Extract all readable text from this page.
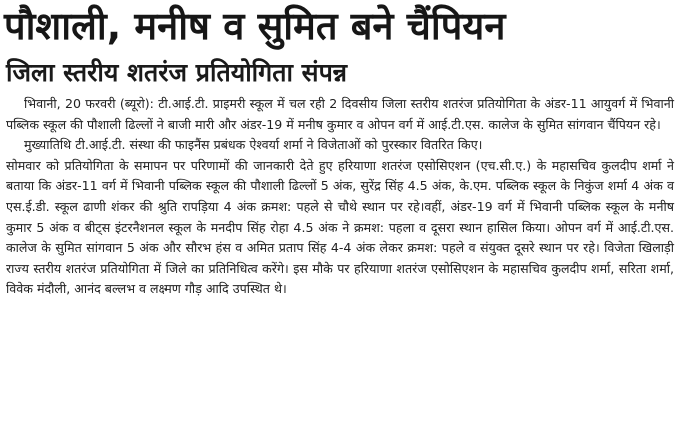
पौशाली, मनीष व सुमित बने चैंपियन
जिला स्तरीय शतरंज प्रतियोगिता संपन्न

भिवानी, 20 फरवरी (ब्यूरो): टी.आई.टी. प्राइमरी स्कूल में चल रही 2 दिवसीय जिला स्तरीय शतरंज प्रतियोगिता के अंडर-11 आयुवर्ग में भिवानी पब्लिक स्कूल की पौशाली ढिल्लों ने बाजी मारी और अंडर-19 में मनीष कुमार व ओपन वर्ग में आई.टी.एस. कालेज के सुमित सांगवान चैंपियन रहे।

मुख्यातिथि टी.आई.टी. संस्था की फाइनैंस प्रबंधक ऐश्वर्या शर्मा ने विजेताओं को पुरस्कार वितरित किए।

सोमवार को प्रतियोगिता के समापन पर परिणामों की जानकारी देते हुए हरियाणा शतरंज एसोसिएशन (एच.सी.ए.) के महासचिव कुलदीप शर्मा ने बताया कि अंडर-11 वर्ग में भिवानी पब्लिक स्कूल की पौशाली ढिल्लों 5 अंक, सुरेंद्र सिंह 4.5 अंक, के.एम. पब्लिक स्कूल के निकुंज शर्मा 4 अंक व एस.ई.डी. स्कूल ढाणी शंकर की श्रुति रापड़िया 4 अंक क्रमश: पहले से चौथे स्थान पर रहे।वहीं, अंडर-19 वर्ग में भिवानी पब्लिक स्कूल के मनीष कुमार 5 अंक व बीट्स इंटरनैशनल स्कूल के मनदीप सिंह रोहा 4.5 अंक ने क्रमश: पहला व दूसरा स्थान हासिल किया। ओपन वर्ग में आई.टी.एस. कालेज के सुमित सांगवान 5 अंक और सौरभ हंस व अमित प्रताप सिंह 4-4 अंक लेकर क्रमश: पहले व संयुक्त दूसरे स्थान पर रहे। विजेता खिलाड़ी राज्य स्तरीय शतरंज प्रतियोगिता में जिले का प्रतिनिधित्व करेंगे। इस मौके पर हरियाणा शतरंज एसोसिएशन के महासचिव कुलदीप शर्मा, सरिता शर्मा, विवेक मंदौली, आनंद बल्लभ व लक्ष्मण गौड़ आदि उपस्थित थे।
